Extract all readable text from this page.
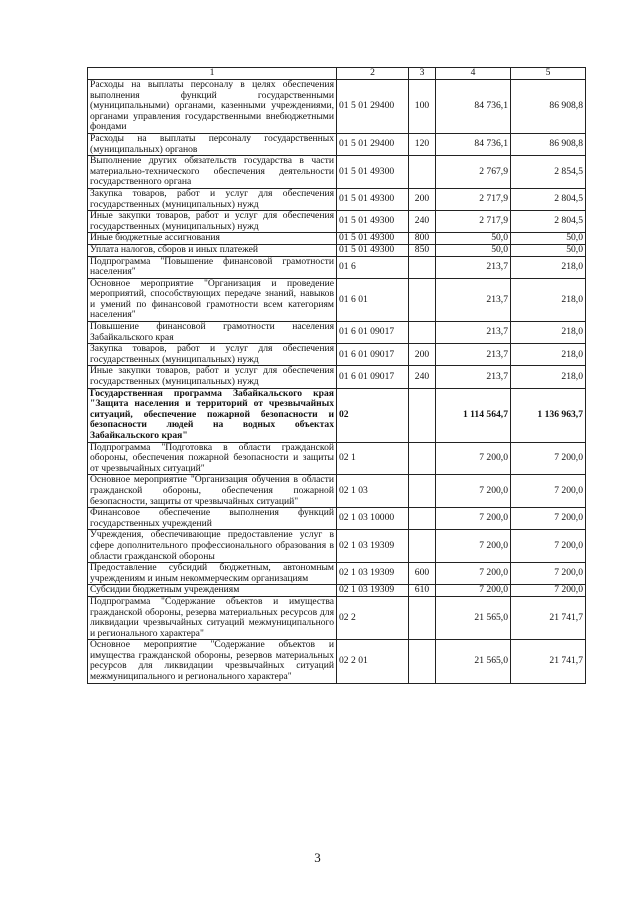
1	2	3	4	5
Расходы на выплаты персоналу в целях обеспечения выполнения функций государственными (муниципальными) органами, казенными учреждениями, органами управления государственными внебюджетными фондами	01 5 01 29400	100	84 736,1	86 908,8
Расходы на выплаты персоналу государственных (муниципальных) органов	01 5 01 29400	120	84 736,1	86 908,8
Выполнение других обязательств государства в части материально-технического обеспечения деятельности государственного органа	01 5 01 49300		2 767,9	2 854,5
Закупка товаров, работ и услуг для обеспечения государственных (муниципальных) нужд	01 5 01 49300	200	2 717,9	2 804,5
Иные закупки товаров, работ и услуг для обеспечения государственных (муниципальных) нужд	01 5 01 49300	240	2 717,9	2 804,5
Иные бюджетные ассигнования	01 5 01 49300	800	50,0	50,0
Уплата налогов, сборов и иных платежей	01 5 01 49300	850	50,0	50,0
Подпрограмма "Повышение финансовой грамотности населения"	01 6		213,7	218,0
Основное мероприятие "Организация и проведение мероприятий, способствующих передаче знаний, навыков и умений по финансовой грамотности всем категориям населения"	01 6 01		213,7	218,0
Повышение финансовой грамотности населения Забайкальского края	01 6 01 09017		213,7	218,0
Закупка товаров, работ и услуг для обеспечения государственных (муниципальных) нужд	01 6 01 09017	200	213,7	218,0
Иные закупки товаров, работ и услуг для обеспечения государственных (муниципальных) нужд	01 6 01 09017	240	213,7	218,0
Государственная программа Забайкальского края "Защита населения и территорий от чрезвычайных ситуаций, обеспечение пожарной безопасности и безопасности людей на водных объектах Забайкальского края"	02		1 114 564,7	1 136 963,7
Подпрограмма "Подготовка в области гражданской обороны, обеспечения пожарной безопасности и защиты от чрезвычайных ситуаций"	02 1		7 200,0	7 200,0
Основное мероприятие "Организация обучения в области гражданской обороны, обеспечения пожарной безопасности, защиты от чрезвычайных ситуаций"	02 1 03		7 200,0	7 200,0
Финансовое обеспечение выполнения функций государственных учреждений	02 1 03 10000		7 200,0	7 200,0
Учреждения, обеспечивающие предоставление услуг в сфере дополнительного профессионального образования в области гражданской обороны	02 1 03 19309		7 200,0	7 200,0
Предоставление субсидий бюджетным, автономным учреждениям и иным некоммерческим организациям	02 1 03 19309	600	7 200,0	7 200,0
Субсидии бюджетным учреждениям	02 1 03 19309	610	7 200,0	7 200,0
Подпрограмма "Содержание объектов и имущества гражданской обороны, резерва материальных ресурсов для ликвидации чрезвычайных ситуаций межмуниципального и регионального характера"	02 2		21 565,0	21 741,7
Основное мероприятие "Содержание объектов и имущества гражданской обороны, резервов материальных ресурсов для ликвидации чрезвычайных ситуаций межмуниципального и регионального характера"	02 2 01		21 565,0	21 741,7
3
